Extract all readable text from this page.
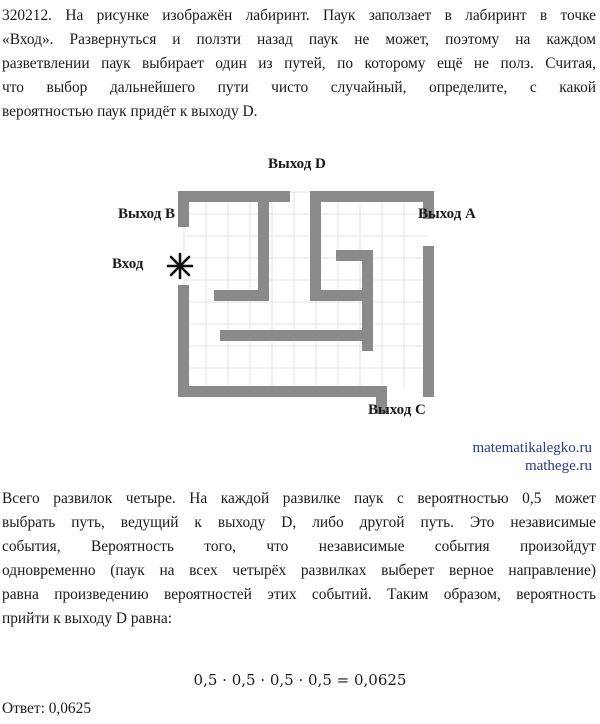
320212. На рисунке изображён лабиринт. Паук заползает в лабиринт в точке
«Вход». Развернуться и ползти назад паук не может, поэтому на каждом
разветвлении паук выбирает один из путей, по которому ещё не полз. Считая,
что выбор дальнейшего пути чисто случайный, определите, с какой
вероятностью паук придёт к выходу D.
Выход D
Выход В	Выход А
Вход
Выход С
matematikalegko.ru
mathege.ru
Всего развилок четыре. На каждой развилке паук с вероятностью 0,5 может
выбрать путь, ведущий к выходу D, либо другой путь. Это независимые
события, Вероятность того, что независимые события произойдут
одновременно (паук на всех четырёх развилках выберет верное направление)
равна произведению вероятностей этих событий. Таким образом, вероятность
прийти к выходу D равна:
0,5 · 0,5 · 0,5 · 0,5 = 0,0625
Ответ: 0,0625
